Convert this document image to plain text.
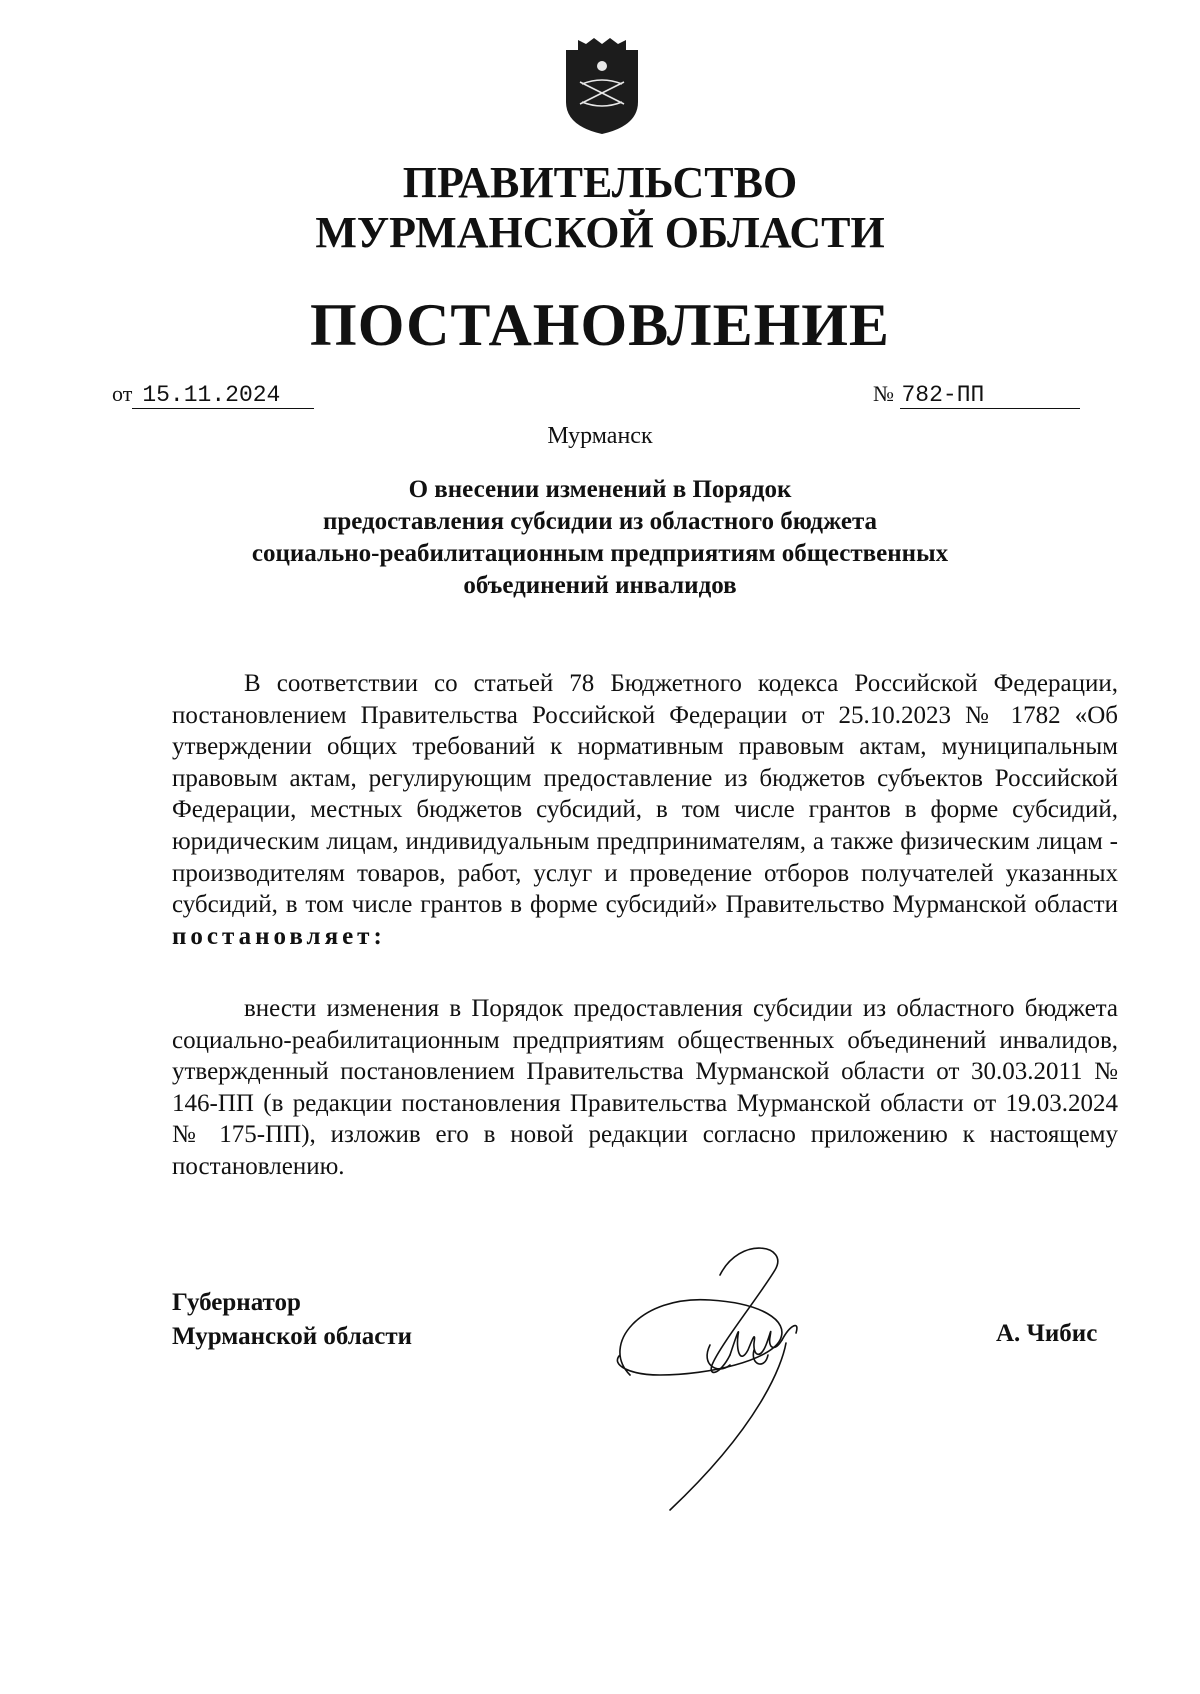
ПРАВИТЕЛЬСТВО
МУРМАНСКОЙ ОБЛАСТИ
ПОСТАНОВЛЕНИЕ
от 15.11.2024	№ 782-ПП
Мурманск
О внесении изменений в Порядок
предоставления субсидии из областного бюджета
социально-реабилитационным предприятиям общественных
объединений инвалидов
В соответствии со статьей 78 Бюджетного кодекса Российской Федерации, постановлением Правительства Российской Федерации от 25.10.2023 № 1782 «Об утверждении общих требований к нормативным правовым актам, муниципальным правовым актам, регулирующим предоставление из бюджетов субъектов Российской Федерации, местных бюджетов субсидий, в том числе грантов в форме субсидий, юридическим лицам, индивидуальным предпринимателям, а также физическим лицам - производителям товаров, работ, услуг и проведение отборов получателей указанных субсидий, в том числе грантов в форме субсидий» Правительство Мурманской области постановляет:
внести изменения в Порядок предоставления субсидии из областного бюджета социально-реабилитационным предприятиям общественных объединений инвалидов, утвержденный постановлением Правительства Мурманской области от 30.03.2011 № 146-ПП (в редакции постановления Правительства Мурманской области от 19.03.2024 № 175-ПП), изложив его в новой редакции согласно приложению к настоящему постановлению.
Губернатор
Мурманской области	А. Чибис
